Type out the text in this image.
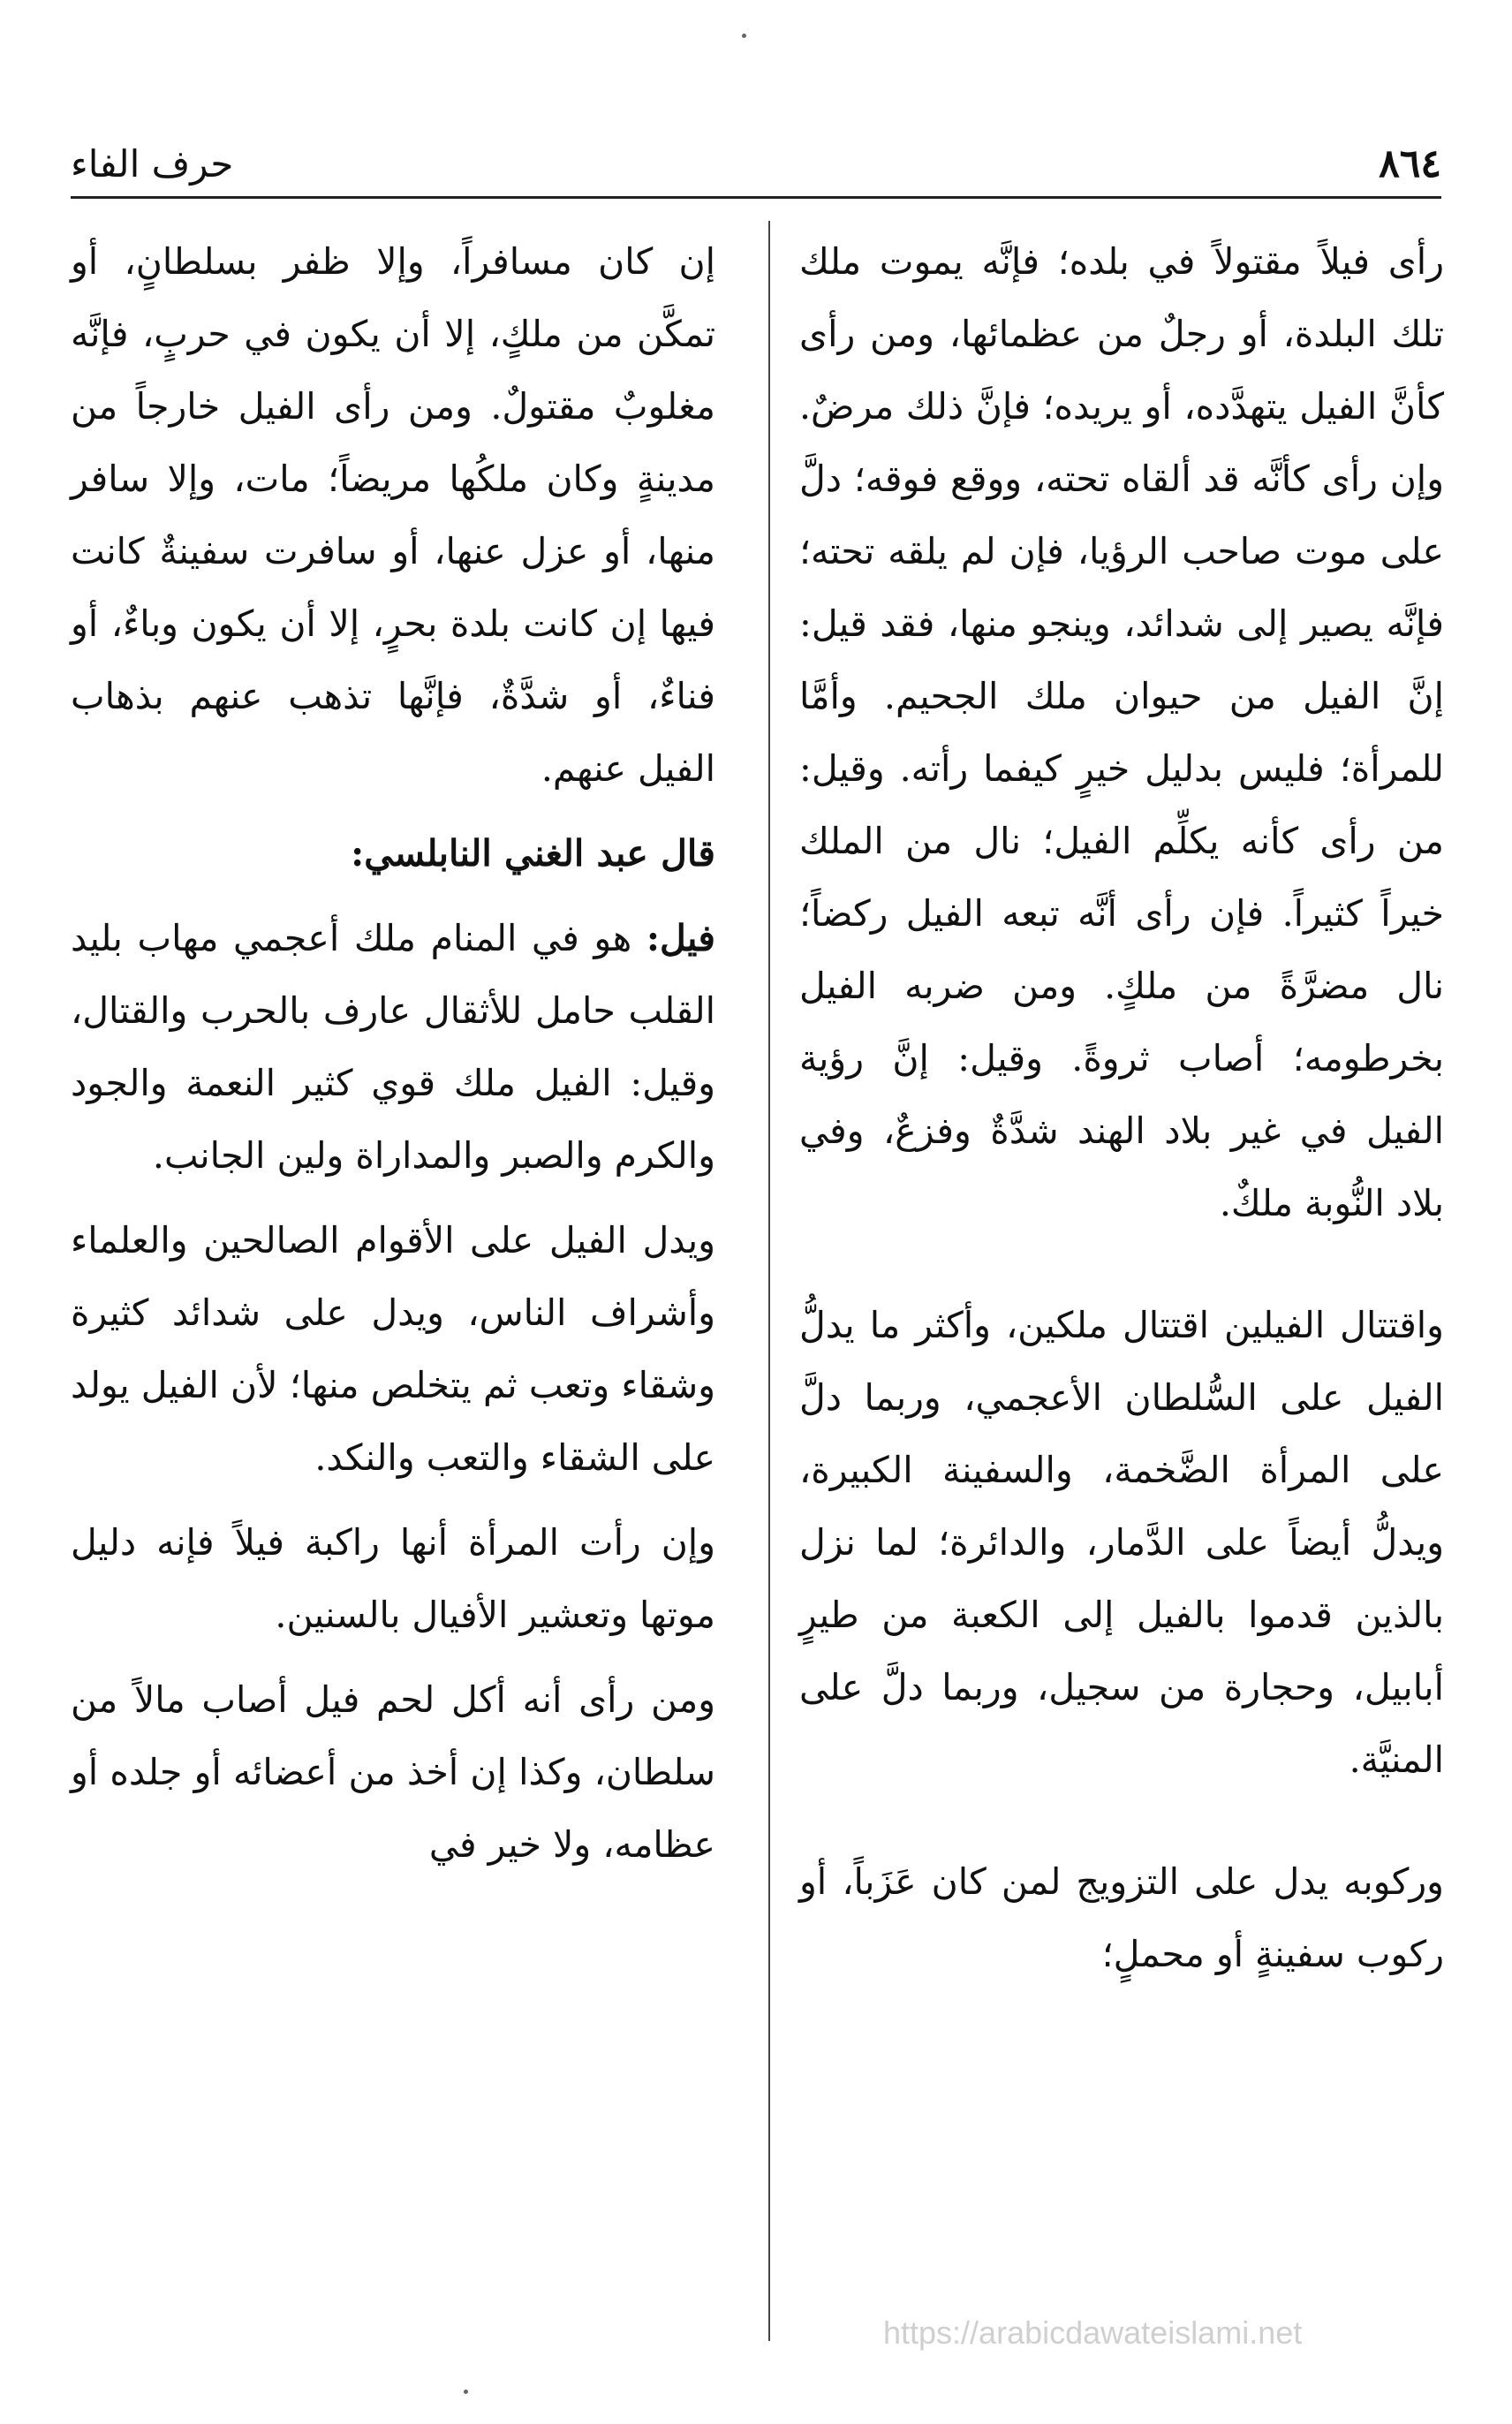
حرف الفاء	٨٦٤

رأى فيلاً مقتولاً في بلده؛ فإنَّه يموت ملك تلك البلدة، أو رجلٌ من عظمائها، ومن رأى كأنَّ الفيل يتهدَّده، أو يريده؛ فإنَّ ذلك مرضٌ. وإن رأى كأنَّه قد ألقاه تحته، ووقع فوقه؛ دلَّ على موت صاحب الرؤيا، فإن لم يلقه تحته؛ فإنَّه يصير إلى شدائد، وينجو منها، فقد قيل: إنَّ الفيل من حيوان ملك الجحيم. وأمَّا للمرأة؛ فليس بدليل خيرٍ كيفما رأته. وقيل: من رأى كأنه يكلِّم الفيل؛ نال من الملك خيراً كثيراً. فإن رأى أنَّه تبعه الفيل ركضاً؛ نال مضرَّةً من ملكٍ. ومن ضربه الفيل بخرطومه؛ أصاب ثروةً. وقيل: إنَّ رؤية الفيل في غير بلاد الهند شدَّةٌ وفزعٌ، وفي بلاد النُّوبة ملكٌ.

واقتتال الفيلين اقتتال ملكين، وأكثر ما يدلُّ الفيل على السُّلطان الأعجمي، وربما دلَّ على المرأة الضَّخمة، والسفينة الكبيرة، ويدلُّ أيضاً على الدَّمار، والدائرة؛ لما نزل بالذين قدموا بالفيل إلى الكعبة من طيرٍ أبابيل، وحجارة من سجيل، وربما دلَّ على المنيَّة.

وركوبه يدل على التزويج لمن كان عَزَباً، أو ركوب سفينةٍ أو محملٍ؛

إن كان مسافراً، وإلا ظفر بسلطانٍ، أو تمكَّن من ملكٍ، إلا أن يكون في حربٍ، فإنَّه مغلوبٌ مقتولٌ. ومن رأى الفيل خارجاً من مدينةٍ وكان ملكُها مريضاً؛ مات، وإلا سافر منها، أو عزل عنها، أو سافرت سفينةٌ كانت فيها إن كانت بلدة بحرٍ، إلا أن يكون وباءٌ، أو فناءٌ، أو شدَّةٌ، فإنَّها تذهب عنهم بذهاب الفيل عنهم.

قال عبد الغني النابلسي:

فيل: هو في المنام ملك أعجمي مهاب بليد القلب حامل للأثقال عارف بالحرب والقتال، وقيل: الفيل ملك قوي كثير النعمة والجود والكرم والصبر والمداراة ولين الجانب.

ويدل الفيل على الأقوام الصالحين والعلماء وأشراف الناس، ويدل على شدائد كثيرة وشقاء وتعب ثم يتخلص منها؛ لأن الفيل يولد على الشقاء والتعب والنكد.

وإن رأت المرأة أنها راكبة فيلاً فإنه دليل موتها وتعشير الأفيال بالسنين.

ومن رأى أنه أكل لحم فيل أصاب مالاً من سلطان، وكذا إن أخذ من أعضائه أو جلده أو عظامه، ولا خير في

https://arabicdawateislami.net
